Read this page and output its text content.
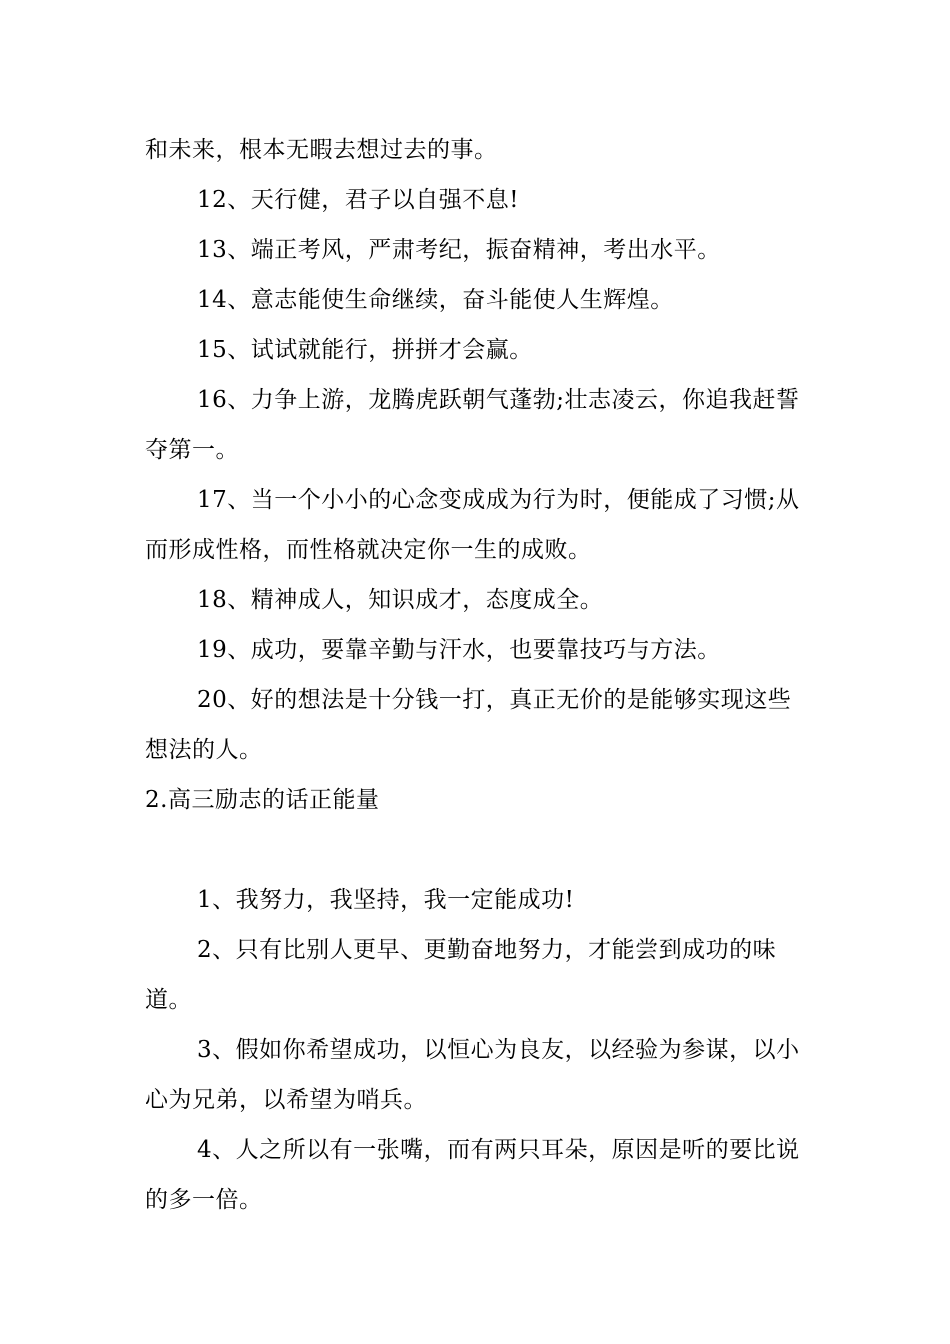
和未来，根本无暇去想过去的事。

12、天行健，君子以自强不息!

13、端正考风，严肃考纪，振奋精神，考出水平。

14、意志能使生命继续，奋斗能使人生辉煌。

15、试试就能行，拼拼才会赢。

16、力争上游，龙腾虎跃朝气蓬勃;壮志凌云，你追我赶誓夺第一。

17、当一个小小的心念变成成为行为时，便能成了习惯;从而形成性格，而性格就决定你一生的成败。

18、精神成人，知识成才，态度成全。

19、成功，要靠辛勤与汗水，也要靠技巧与方法。

20、好的想法是十分钱一打，真正无价的是能够实现这些想法的人。

2.高三励志的话正能量

1、我努力，我坚持，我一定能成功!

2、只有比别人更早、更勤奋地努力，才能尝到成功的味道。

3、假如你希望成功，以恒心为良友，以经验为参谋，以小心为兄弟，以希望为哨兵。

4、人之所以有一张嘴，而有两只耳朵，原因是听的要比说的多一倍。
